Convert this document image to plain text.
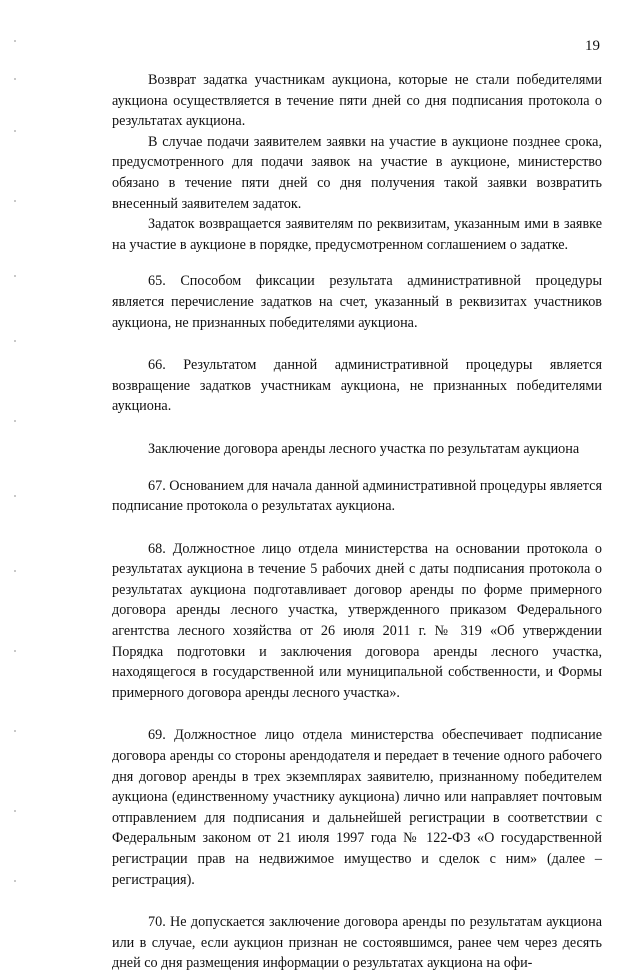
19

Возврат задатка участникам аукциона, которые не стали победителями аукциона осуществляется в течение пяти дней со дня подписания протокола о результатах аукциона.

В случае подачи заявителем заявки на участие в аукционе позднее срока, предусмотренного для подачи заявок на участие в аукционе, министерство обязано в течение пяти дней со дня получения такой заявки возвратить внесенный заявителем задаток.

Задаток возвращается заявителям по реквизитам, указанным ими в заявке на участие в аукционе в порядке, предусмотренном соглашением о задатке.

65. Способом фиксации результата административной процедуры является перечисление задатков на счет, указанный в реквизитах участников аукциона, не признанных победителями аукциона.

66. Результатом данной административной процедуры является возвращение задатков участникам аукциона, не признанных победителями аукциона.

Заключение договора аренды лесного участка по результатам аукциона

67. Основанием для начала данной административной процедуры является подписание протокола о результатах аукциона.

68. Должностное лицо отдела министерства на основании протокола о результатах аукциона в течение 5 рабочих дней с даты подписания протокола о результатах аукциона подготавливает договор аренды по форме примерного договора аренды лесного участка, утвержденного приказом Федерального агентства лесного хозяйства от 26 июля 2011 г. № 319 «Об утверждении Порядка подготовки и заключения договора аренды лесного участка, находящегося в государственной или муниципальной собственности, и Формы примерного договора аренды лесного участка».

69. Должностное лицо отдела министерства обеспечивает подписание договора аренды со стороны арендодателя и передает в течение одного рабочего дня договор аренды в трех экземплярах заявителю, признанному победителем аукциона (единственному участнику аукциона) лично или направляет почтовым отправлением для подписания и дальнейшей регистрации в соответствии с Федеральным законом от 21 июля 1997 года № 122-ФЗ «О государственной регистрации прав на недвижимое имущество и сделок с ним» (далее – регистрация).

70. Не допускается заключение договора аренды по результатам аукциона или в случае, если аукцион признан не состоявшимся, ранее чем через десять дней со дня размещения информации о результатах аукциона на офи-
